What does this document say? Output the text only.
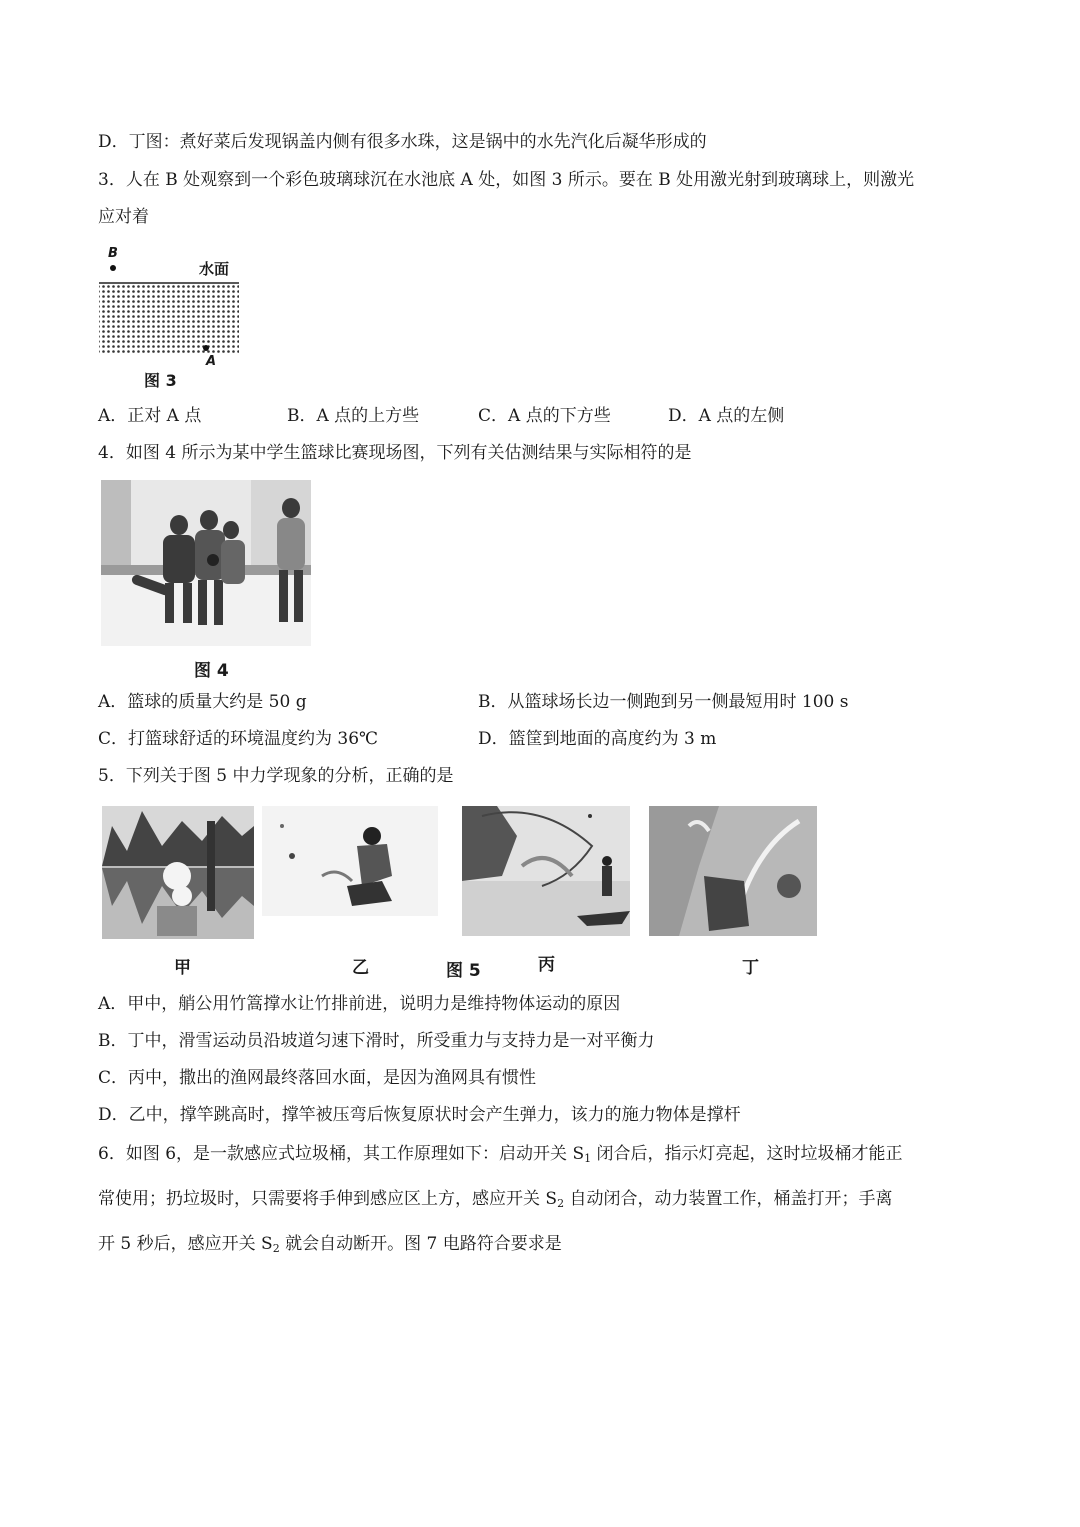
D．丁图：煮好菜后发现锅盖内侧有很多水珠，这是锅中的水先汽化后凝华形成的
3．人在 B 处观察到一个彩色玻璃球沉在水池底 A 处，如图 3 所示。要在 B 处用激光射到玻璃球上，则激光
应对着
B
水面
A
图 3
A．正对 A 点	B．A 点的上方些	C．A 点的下方些	D．A 点的左侧
4．如图 4 所示为某中学生篮球比赛现场图，下列有关估测结果与实际相符的是
图 4
A．篮球的质量大约是 50 g	B．从篮球场长边一侧跑到另一侧最短用时 100 s
C．打篮球舒适的环境温度约为 36℃	D．篮筐到地面的高度约为 3 m
5．下列关于图 5 中力学现象的分析，正确的是
甲	乙	图 5	丙	丁
A．甲中，艄公用竹篙撑水让竹排前进，说明力是维持物体运动的原因
B．丁中，滑雪运动员沿坡道匀速下滑时，所受重力与支持力是一对平衡力
C．丙中，撒出的渔网最终落回水面，是因为渔网具有惯性
D．乙中，撑竿跳高时，撑竿被压弯后恢复原状时会产生弹力，该力的施力物体是撑杆
6．如图 6，是一款感应式垃圾桶，其工作原理如下：启动开关 $S_1$ 闭合后，指示灯亮起，这时垃圾桶才能正
常使用；扔垃圾时，只需要将手伸到感应区上方，感应开关 $S_2$ 自动闭合，动力装置工作，桶盖打开；手离
开 5 秒后，感应开关 $S_2$ 就会自动断开。图 7 电路符合要求是
